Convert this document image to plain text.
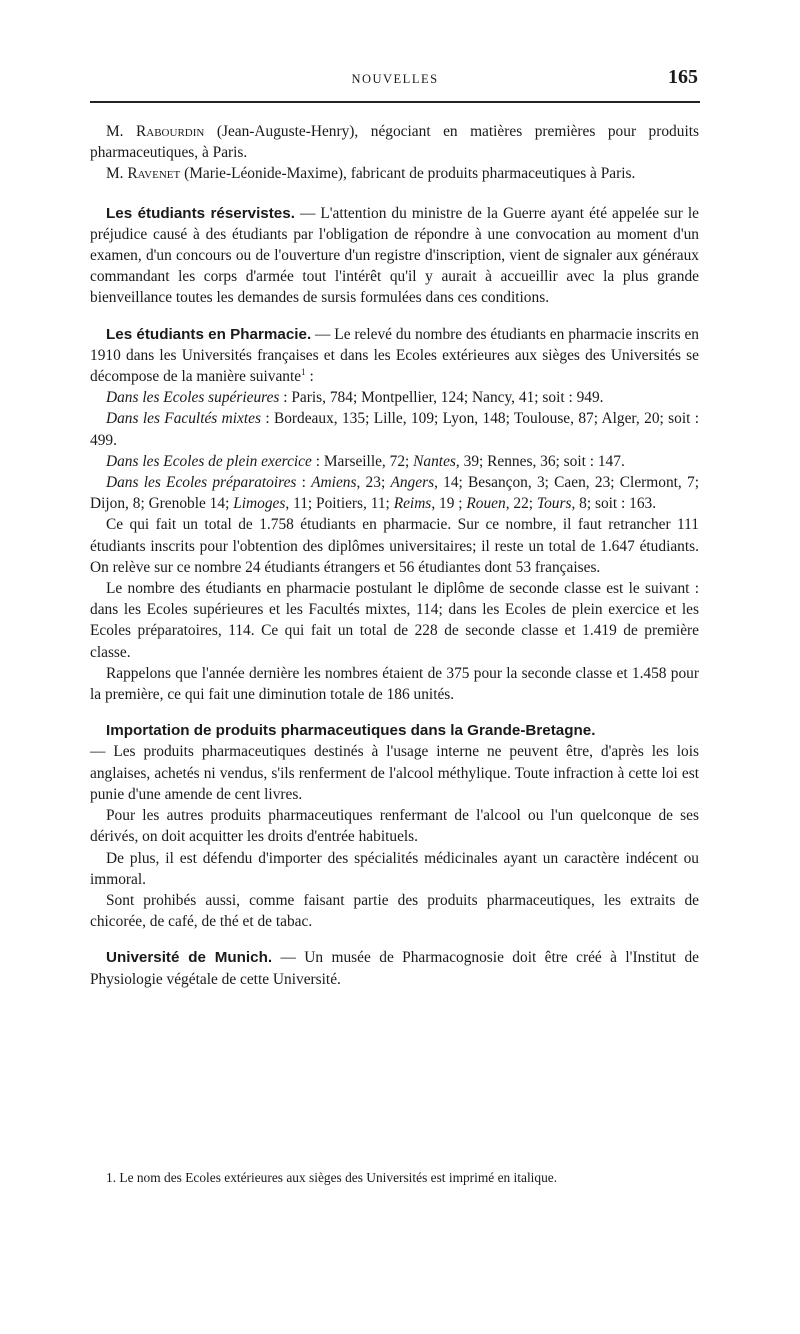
NOUVELLES	165

M. Rabourdin (Jean-Auguste-Henry), négociant en matières premières pour produits pharmaceutiques, à Paris.

M. Ravenet (Marie-Léonide-Maxime), fabricant de produits pharmaceutiques à Paris.

Les étudiants réservistes. — L'attention du ministre de la Guerre ayant été appelée sur le préjudice causé à des étudiants par l'obligation de répondre à une convocation au moment d'un examen, d'un concours ou de l'ouverture d'un registre d'inscription, vient de signaler aux généraux commandant les corps d'armée tout l'intérêt qu'il y aurait à accueillir avec la plus grande bienveillance toutes les demandes de sursis formulées dans ces conditions.

Les étudiants en Pharmacie. — Le relevé du nombre des étudiants en pharmacie inscrits en 1910 dans les Universités françaises et dans les Ecoles extérieures aux sièges des Universités se décompose de la manière suivante$^1$ :

Dans les Ecoles supérieures : Paris, 784; Montpellier, 124; Nancy, 41; soit : 949.

Dans les Facultés mixtes : Bordeaux, 135; Lille, 109; Lyon, 148; Toulouse, 87; Alger, 20; soit : 499.

Dans les Ecoles de plein exercice : Marseille, 72; Nantes, 39; Rennes, 36; soit : 147.

Dans les Ecoles préparatoires : Amiens, 23; Angers, 14; Besançon, 3; Caen, 23; Clermont, 7; Dijon, 8; Grenoble 14; Limoges, 11; Poitiers, 11; Reims, 19 ; Rouen, 22; Tours, 8; soit : 163.

Ce qui fait un total de 1.758 étudiants en pharmacie. Sur ce nombre, il faut retrancher 111 étudiants inscrits pour l'obtention des diplômes universitaires; il reste un total de 1.647 étudiants. On relève sur ce nombre 24 étudiants étrangers et 56 étudiantes dont 53 françaises.

Le nombre des étudiants en pharmacie postulant le diplôme de seconde classe est le suivant : dans les Ecoles supérieures et les Facultés mixtes, 114; dans les Ecoles de plein exercice et les Ecoles préparatoires, 114. Ce qui fait un total de 228 de seconde classe et 1.419 de première classe.

Rappelons que l'année dernière les nombres étaient de 375 pour la seconde classe et 1.458 pour la première, ce qui fait une diminution totale de 186 unités.

Importation de produits pharmaceutiques dans la Grande-Bretagne.

— Les produits pharmaceutiques destinés à l'usage interne ne peuvent être, d'après les lois anglaises, achetés ni vendus, s'ils renferment de l'alcool méthylique. Toute infraction à cette loi est punie d'une amende de cent livres.

Pour les autres produits pharmaceutiques renfermant de l'alcool ou l'un quelconque de ses dérivés, on doit acquitter les droits d'entrée habituels.

De plus, il est défendu d'importer des spécialités médicinales ayant un caractère indécent ou immoral.

Sont prohibés aussi, comme faisant partie des produits pharmaceutiques, les extraits de chicorée, de café, de thé et de tabac.

Université de Munich. — Un musée de Pharmacognosie doit être créé à l'Institut de Physiologie végétale de cette Université.

1. Le nom des Ecoles extérieures aux sièges des Universités est imprimé en italique.
